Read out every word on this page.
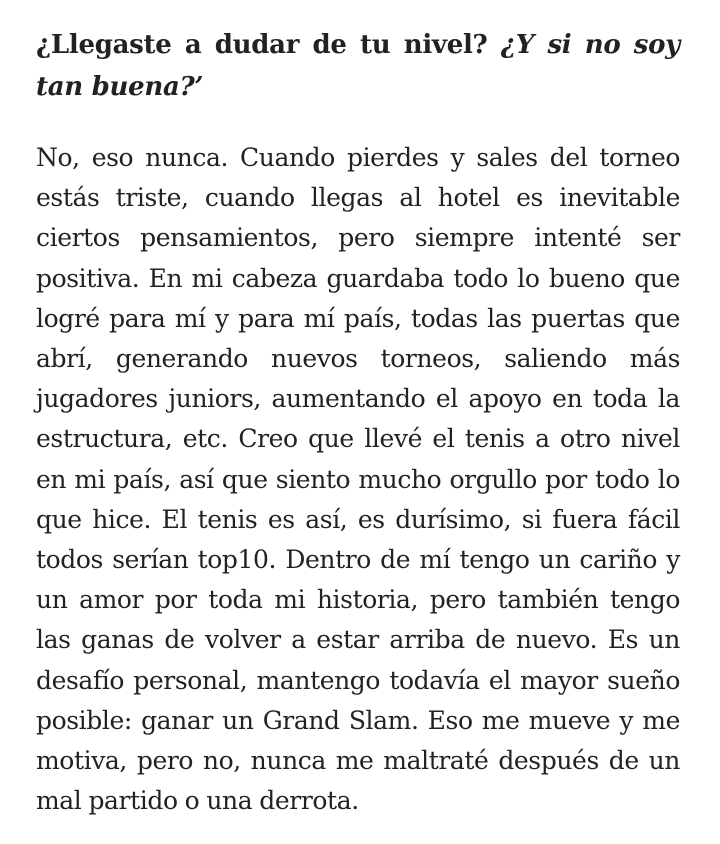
¿Llegaste a dudar de tu nivel? ¿Y si no soy tan buena?’

No, eso nunca. Cuando pierdes y sales del torneo estás triste, cuando llegas al hotel es inevitable ciertos pensamientos, pero siempre intenté ser positiva. En mi cabeza guardaba todo lo bueno que logré para mí y para mí país, todas las puertas que abrí, generando nuevos torneos, saliendo más jugadores juniors, aumentando el apoyo en toda la estructura, etc. Creo que llevé el tenis a otro nivel en mi país, así que siento mucho orgullo por todo lo que hice. El tenis es así, es durísimo, si fuera fácil todos serían top10. Dentro de mí tengo un cariño y un amor por toda mi historia, pero también tengo las ganas de volver a estar arriba de nuevo. Es un desafío personal, mantengo todavía el mayor sueño posible: ganar un Grand Slam. Eso me mueve y me motiva, pero no, nunca me maltraté después de un mal partido o una derrota.
